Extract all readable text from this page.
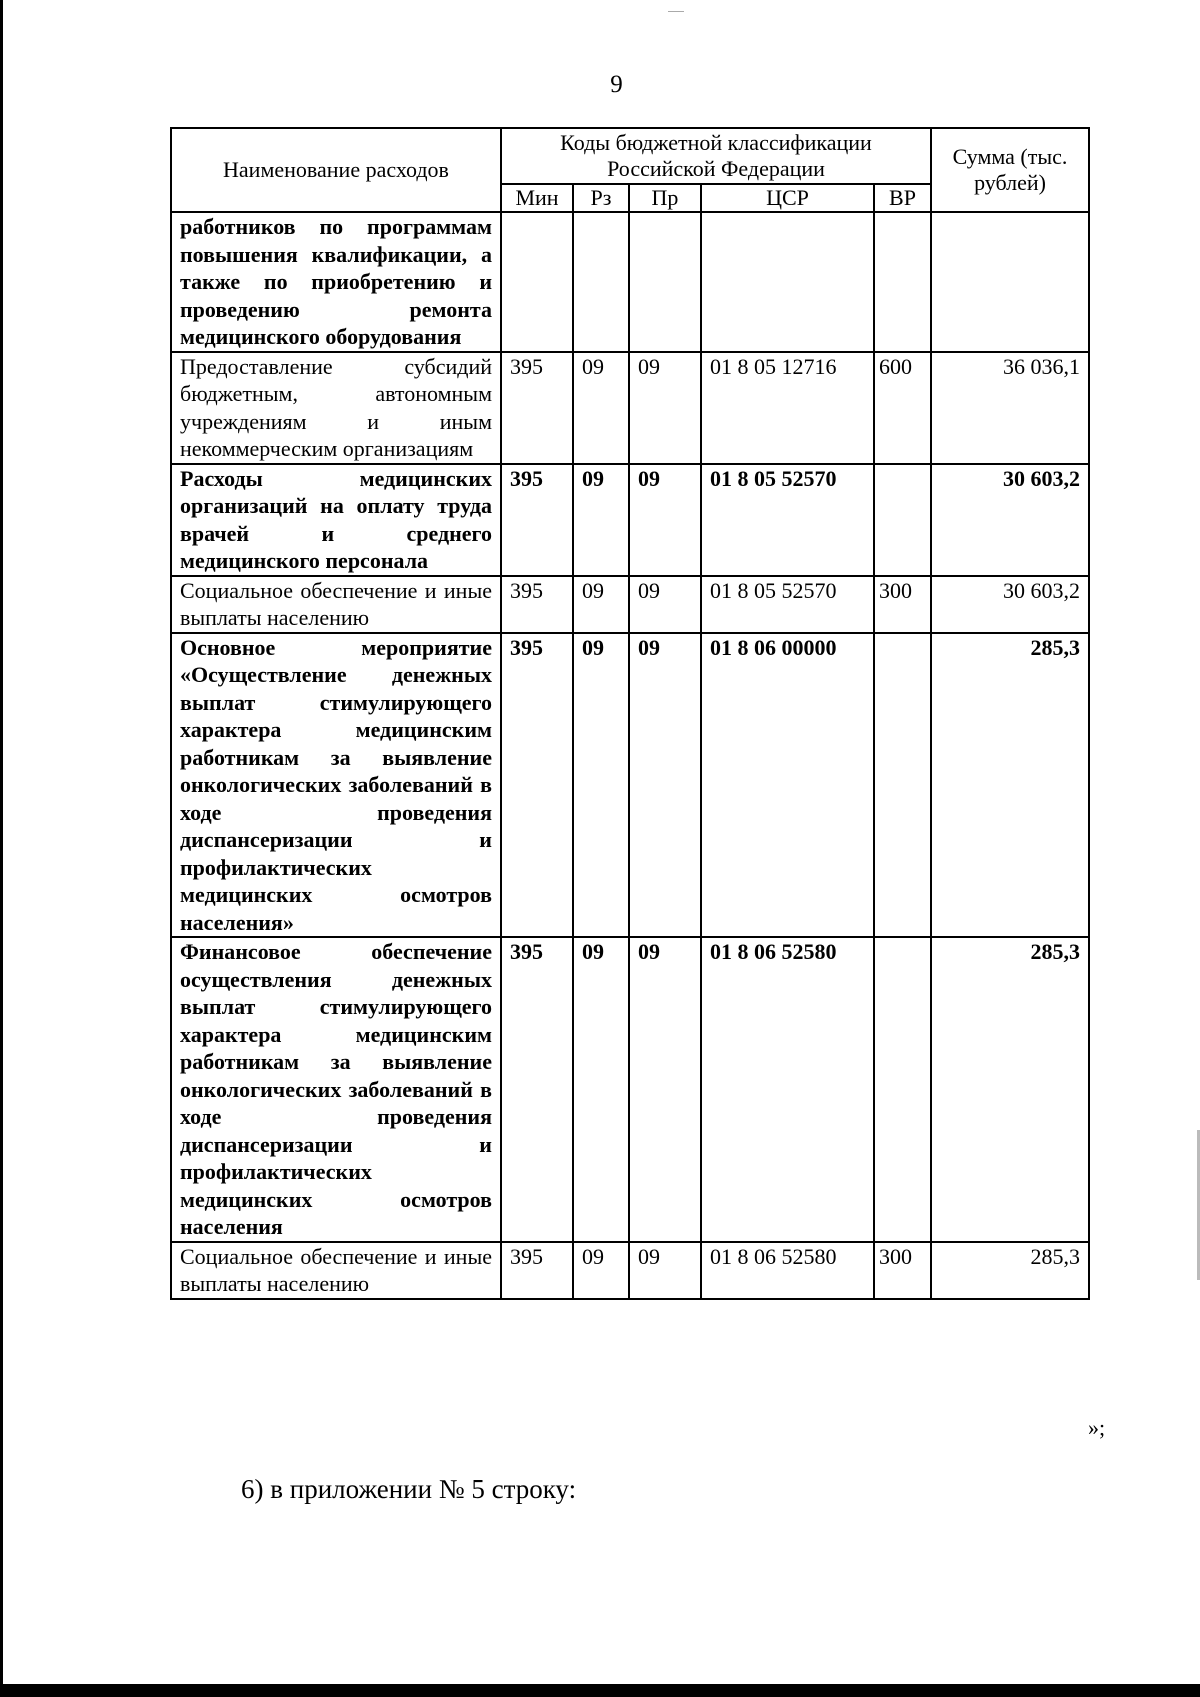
9
Наименование расходов	Коды бюджетной классификации Российской Федерации					Сумма (тыс. рублей)
	Мин	Рз	Пр	ЦСР	ВР	
работников по программам повышения квалификации, а также по приобретению и проведению ремонта медицинского оборудования						
Предоставление субсидий бюджетным, автономным учреждениям и иным некоммерческим организациям	395	09	09	01 8 05 12716	600	36 036,1
Расходы медицинских организаций на оплату труда врачей и среднего медицинского персонала	395	09	09	01 8 05 52570		30 603,2
Социальное обеспечение и иные выплаты населению	395	09	09	01 8 05 52570	300	30 603,2
Основное мероприятие «Осуществление денежных выплат стимулирующего характера медицинским работникам за выявление онкологических заболеваний в ходе проведения диспансеризации и профилактических медицинских осмотров населения»	395	09	09	01 8 06 00000		285,3
Финансовое обеспечение осуществления денежных выплат стимулирующего характера медицинским работникам за выявление онкологических заболеваний в ходе проведения диспансеризации и профилактических медицинских осмотров населения	395	09	09	01 8 06 52580		285,3
Социальное обеспечение и иные выплаты населению	395	09	09	01 8 06 52580	300	285,3
»;
6) в приложении № 5 строку:
